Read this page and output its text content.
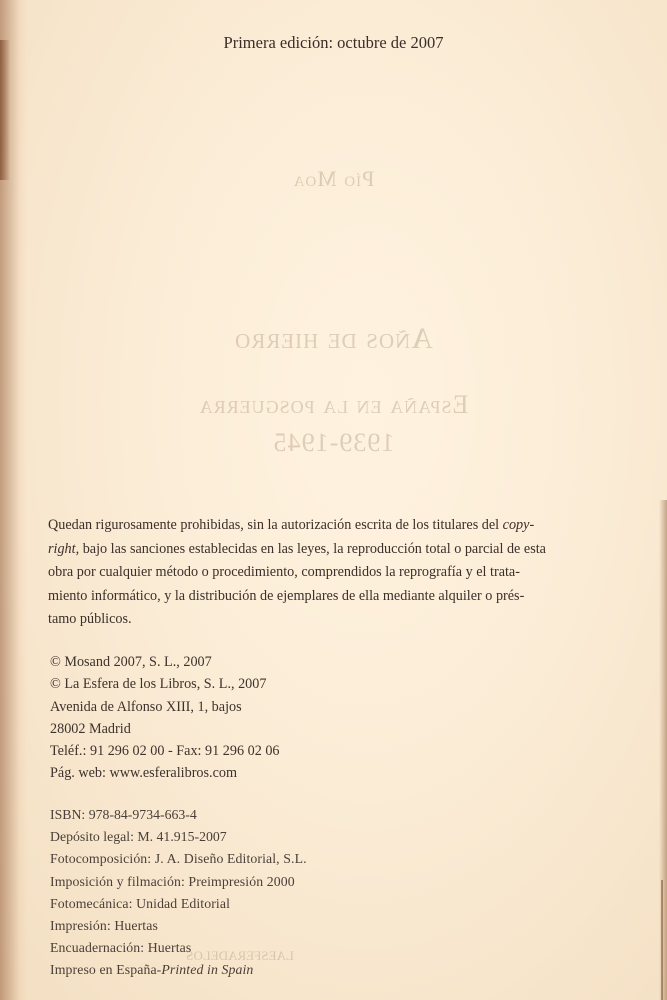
Primera edición: octubre de 2007
Pío Moa
Años de hierro
España en la posguerra
1939-1945
laesferadelos
Quedan rigurosamente prohibidas, sin la autorización escrita de los titulares del copy-
right, bajo las sanciones establecidas en las leyes, la reproducción total o parcial de esta
obra por cualquier método o procedimiento, comprendidos la reprografía y el trata-
miento informático, y la distribución de ejemplares de ella mediante alquiler o prés-
tamo públicos.
© Mosand 2007, S. L., 2007
© La Esfera de los Libros, S. L., 2007
Avenida de Alfonso XIII, 1, bajos
28002 Madrid
Teléf.: 91 296 02 00 - Fax: 91 296 02 06
Pág. web: www.esferalibros.com
ISBN: 978-84-9734-663-4
Depósito legal: M. 41.915-2007
Fotocomposición: J. A. Diseño Editorial, S.L.
Imposición y filmación: Preimpresión 2000
Fotomecánica: Unidad Editorial
Impresión: Huertas
Encuadernación: Huertas
Impreso en España-Printed in Spain
